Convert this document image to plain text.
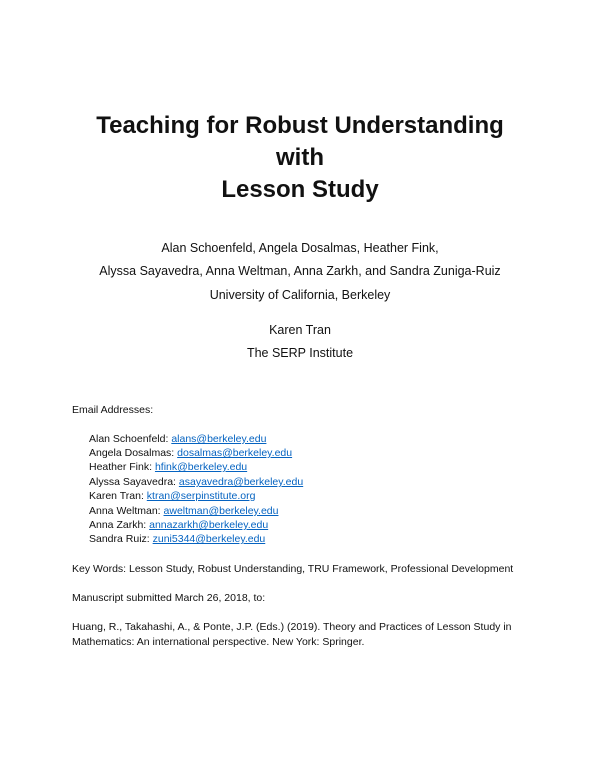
Teaching for Robust Understanding
with
Lesson Study
Alan Schoenfeld, Angela Dosalmas, Heather Fink,
Alyssa Sayavedra, Anna Weltman, Anna Zarkh, and Sandra Zuniga-Ruiz
University of California, Berkeley
Karen Tran
The SERP Institute
Email Addresses:
Alan Schoenfeld: alans@berkeley.edu
Angela Dosalmas: dosalmas@berkeley.edu
Heather Fink: hfink@berkeley.edu
Alyssa Sayavedra: asayavedra@berkeley.edu
Karen Tran: ktran@serpinstitute.org
Anna Weltman: aweltman@berkeley.edu
Anna Zarkh: annazarkh@berkeley.edu
Sandra Ruiz: zuni5344@berkeley.edu
Key Words: Lesson Study, Robust Understanding, TRU Framework, Professional Development
Manuscript submitted March 26, 2018, to:
Huang, R., Takahashi, A., & Ponte, J.P. (Eds.) (2019). Theory and Practices of Lesson Study in
Mathematics: An international perspective. New York: Springer.
